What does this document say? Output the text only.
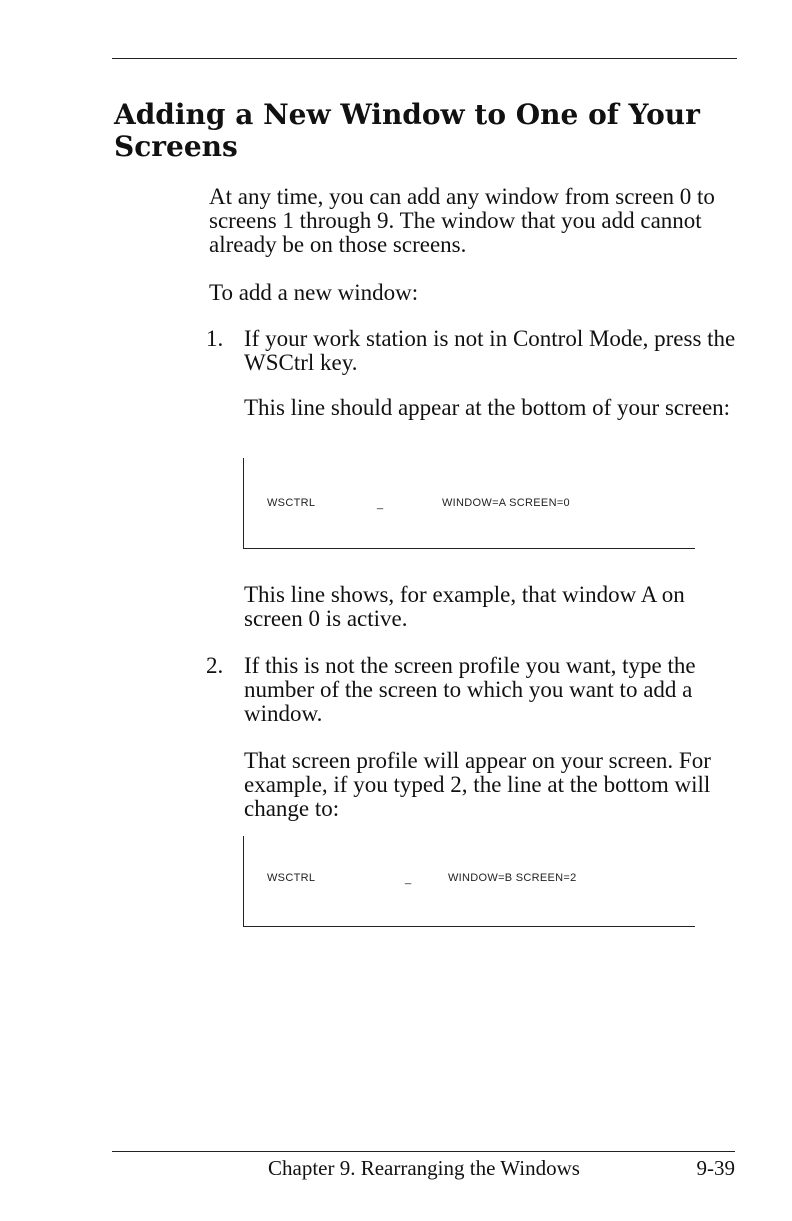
Adding a New Window to One of Your Screens

At any time, you can add any window from screen 0 to screens 1 through 9. The window that you add cannot already be on those screens.

To add a new window:

1. If your work station is not in Control Mode, press the WSCtrl key.

This line should appear at the bottom of your screen:

WSCTRL	_	WINDOW=A SCREEN=0

This line shows, for example, that window A on screen 0 is active.

2. If this is not the screen profile you want, type the number of the screen to which you want to add a window.

That screen profile will appear on your screen. For example, if you typed 2, the line at the bottom will change to:

WSCTRL	_	WINDOW=B SCREEN=2
Chapter 9. Rearranging the Windows	9-39
